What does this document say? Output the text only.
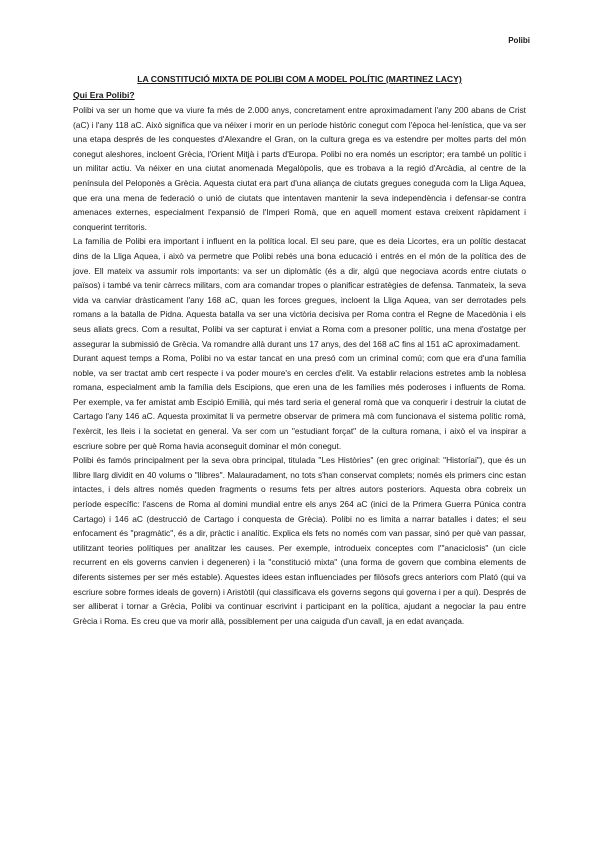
Polibi
LA CONSTITUCIÓ MIXTA DE POLIBI COM A MODEL POLÍTIC (MARTINEZ LACY)
Qui Era Polibi?

Polibi va ser un home que va viure fa més de 2.000 anys, concretament entre aproximadament l'any 200 abans de Crist (aC) i l'any 118 aC. Això significa que va néixer i morir en un període històric conegut com l'època hel·lenística, que va ser una etapa després de les conquestes d'Alexandre el Gran, on la cultura grega es va estendre per moltes parts del món conegut aleshores, incloent Grècia, l'Orient Mitjà i parts d'Europa. Polibi no era només un escriptor; era també un polític i un militar actiu. Va néixer en una ciutat anomenada Megalòpolis, que es trobava a la regió d'Arcàdia, al centre de la península del Peloponès a Grècia. Aquesta ciutat era part d'una aliança de ciutats gregues coneguda com la Lliga Aquea, que era una mena de federació o unió de ciutats que intentaven mantenir la seva independència i defensar-se contra amenaces externes, especialment l'expansió de l'Imperi Romà, que en aquell moment estava creixent ràpidament i conquerint territoris.

La família de Polibi era important i influent en la política local. El seu pare, que es deia Licortes, era un polític destacat dins de la Lliga Aquea, i això va permetre que Polibi rebés una bona educació i entrés en el món de la política des de jove. Ell mateix va assumir rols importants: va ser un diplomàtic (és a dir, algú que negociava acords entre ciutats o països) i també va tenir càrrecs militars, com ara comandar tropes o planificar estratègies de defensa. Tanmateix, la seva vida va canviar dràsticament l'any 168 aC, quan les forces gregues, incloent la Lliga Aquea, van ser derrotades pels romans a la batalla de Pidna. Aquesta batalla va ser una victòria decisiva per Roma contra el Regne de Macedònia i els seus aliats grecs. Com a resultat, Polibi va ser capturat i enviat a Roma com a presoner polític, una mena d'ostatge per assegurar la submissió de Grècia. Va romandre allà durant uns 17 anys, des del 168 aC fins al 151 aC aproximadament.

Durant aquest temps a Roma, Polibi no va estar tancat en una presó com un criminal comú; com que era d'una família noble, va ser tractat amb cert respecte i va poder moure's en cercles d'elit. Va establir relacions estretes amb la noblesa romana, especialment amb la família dels Escipions, que eren una de les famílies més poderoses i influents de Roma. Per exemple, va fer amistat amb Escipió Emilià, qui més tard seria el general romà que va conquerir i destruir la ciutat de Cartago l'any 146 aC. Aquesta proximitat li va permetre observar de primera mà com funcionava el sistema polític romà, l'exèrcit, les lleis i la societat en general. Va ser com un "estudiant forçat" de la cultura romana, i això el va inspirar a escriure sobre per què Roma havia aconseguit dominar el món conegut.

Polibi és famós principalment per la seva obra principal, titulada "Les Històries" (en grec original: "Historíai"), que és un llibre llarg dividit en 40 volums o "llibres". Malauradament, no tots s'han conservat complets; només els primers cinc estan intactes, i dels altres només queden fragments o resums fets per altres autors posteriors. Aquesta obra cobreix un període específic: l'ascens de Roma al domini mundial entre els anys 264 aC (inici de la Primera Guerra Púnica contra Cartago) i 146 aC (destrucció de Cartago i conquesta de Grècia). Polibi no es limita a narrar batalles i dates; el seu enfocament és "pragmàtic", és a dir, pràctic i analític. Explica els fets no només com van passar, sinó per què van passar, utilitzant teories polítiques per analitzar les causes. Per exemple, introdueix conceptes com l'"anaciclosis" (un cicle recurrent en els governs canvien i degeneren) i la "constitució mixta" (una forma de govern que combina elements de diferents sistemes per ser més estable). Aquestes idees estan influenciades per filòsofs grecs anteriors com Plató (qui va escriure sobre formes ideals de govern) i Aristòtil (qui classificava els governs segons qui governa i per a qui). Després de ser alliberat i tornar a Grècia, Polibi va continuar escrivint i participant en la política, ajudant a negociar la pau entre Grècia i Roma. Es creu que va morir allà, possiblement per una caiguda d'un cavall, ja en edat avançada.
